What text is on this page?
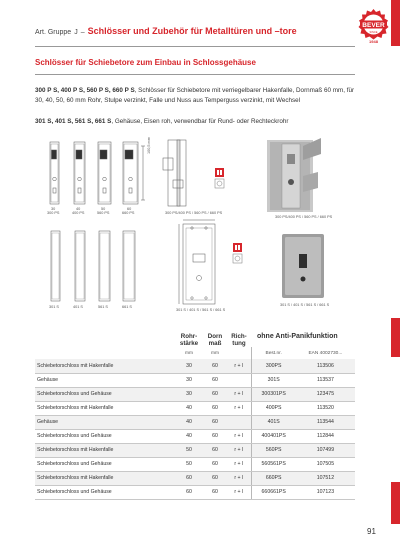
Art. Gruppe J – Schlösser und Zubehör für Metalltüren und –tore
BEVER
SINCE
1948
Schlösser für Schiebetore zum Einbau in Schlossgehäuse
300 P S, 400 P S, 560 P S, 660 P S, Schlösser für Schiebetore mit verriegelbarer Hakenfalle, Dornmaß 60 mm, für 30, 40, 50, 60 mm Rohr, Stulpe verzinkt, Falle und Nuss aus Temperguss verzinkt, mit Wechsel
301 S, 401 S, 561 S, 661 S, Gehäuse, Eisen roh, verwendbar für Rund- oder Rechteckrohr
100,5 mm
30	40	50	60
300 PS	400 PS	560 PS	660 PS	300 PS/400 PS / 560 PS / 660 PS
300 PS/400 PS / 560 PS / 660 PS
301 S	401 S	561 S	661 S
301 S / 401 S / 561 S / 661 S
301 S / 401 S / 561 S / 661 S
	Rohr-stärke	Dorn maß	Rich-tung	ohne Anti-Panikfunktion	
	mm	mm		Best.nr.	EAN 4002730...
Schiebetorschloss mit Hakenfalle	30	60	r + l	300PS	113506
Gehäuse	30	60		301S	113537
Schiebetorschloss und Gehäuse	30	60	r + l	300301PS	123475
Schiebetorschloss mit Hakenfalle	40	60	r + l	400PS	113520
Gehäuse	40	60		401S	113544
Schiebetorschloss und Gehäuse	40	60	r + l	400401PS	112844
Schiebetorschloss mit Hakenfalle	50	60	r + l	560PS	107499
Schiebetorschloss und Gehäuse	50	60	r + l	560561PS	107505
Schiebetorschloss mit Hakenfalle	60	60	r + l	660PS	107512
Schiebetorschloss und Gehäuse	60	60	r + l	660661PS	107123
91
